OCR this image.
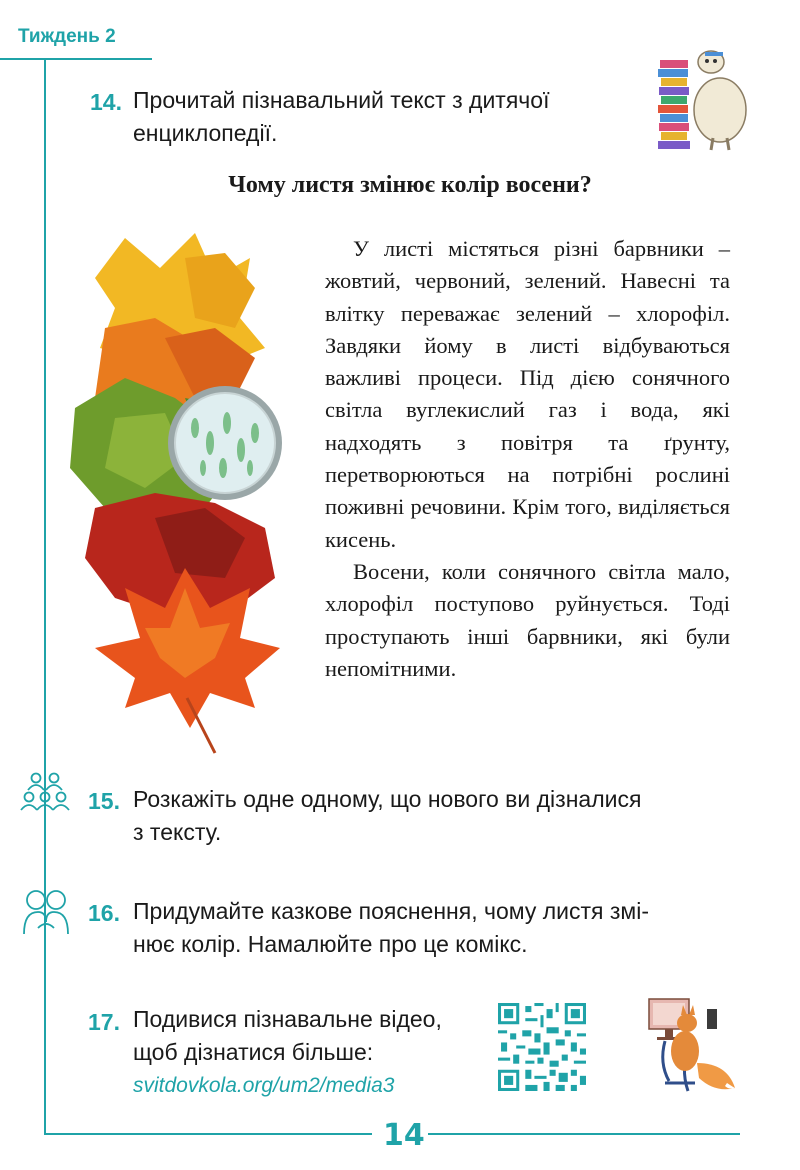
Тиждень 2
14. Прочитай пізнавальний текст з дитячої
енциклопедії.
Чому листя змінює колір восени?

У листі містяться різні барвники – жовтий, червоний, зелений. Навесні та влітку переважає зелений – хлорофіл. Завдяки йому в листі відбуваються важливі процеси. Під дією сонячного світла вуглекислий газ і вода, які надходять з повітря та ґрунту, перетворюються на потрібні рослині поживні речовини. Крім того, виділяється кисень.

Восени, коли сонячного світла мало, хлорофіл поступово руйнується. Тоді проступають інші барвники, які були непомітними.

15. Розкажіть одне одному, що нового ви дізналися
з тексту.
16. Придумайте казкове пояснення, чому листя змі-
нює колір. Намалюйте про це комікс.
17. Подивися пізнавальне відео,
щоб дізнатися більше:
svitdovkola.org/um2/media3
14
